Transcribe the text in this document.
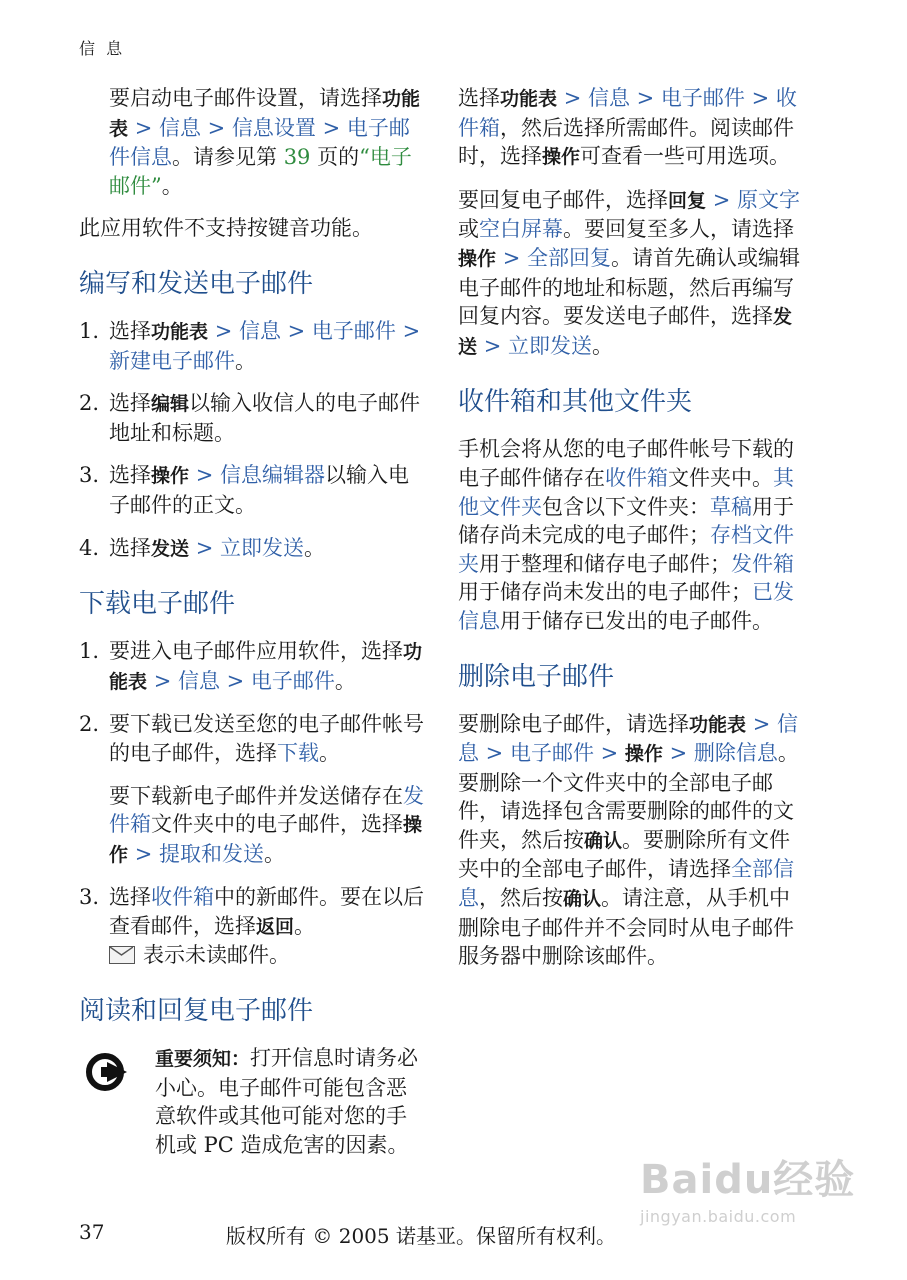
信 息

要启动电子邮件设置，请选择功能表 > 信息 > 信息设置 > 电子邮件信息。请参见第 39 页的“电子邮件”。

此应用软件不支持按键音功能。

编写和发送电子邮件
1. 选择功能表 > 信息 > 电子邮件 > 新建电子邮件。
2. 选择编辑以输入收信人的电子邮件地址和标题。
3. 选择操作 > 信息编辑器以输入电子邮件的正文。
4. 选择发送 > 立即发送。
下载电子邮件
1. 要进入电子邮件应用软件，选择功能表 > 信息 > 电子邮件。
2. 要下载已发送至您的电子邮件帐号的电子邮件，选择下载。

要下载新电子邮件并发送储存在发件箱文件夹中的电子邮件，选择操作 > 提取和发送。

3. 选择收件箱中的新邮件。要在以后查看邮件，选择返回。

表示未读邮件。
阅读和回复电子邮件
重要须知：打开信息时请务必小心。电子邮件可能包含恶意软件或其他可能对您的手机或 PC 造成危害的因素。

选择功能表 > 信息 > 电子邮件 > 收件箱，然后选择所需邮件。阅读邮件时，选择操作可查看一些可用选项。

要回复电子邮件，选择回复 > 原文字或空白屏幕。要回复至多人，请选择操作 > 全部回复。请首先确认或编辑电子邮件的地址和标题，然后再编写回复内容。要发送电子邮件，选择发送 > 立即发送。

收件箱和其他文件夹

手机会将从您的电子邮件帐号下载的电子邮件储存在收件箱文件夹中。其他文件夹包含以下文件夹：草稿用于储存尚未完成的电子邮件；存档文件夹用于整理和储存电子邮件；发件箱用于储存尚未发出的电子邮件；已发信息用于储存已发出的电子邮件。

删除电子邮件

要删除电子邮件，请选择功能表 > 信息 > 电子邮件 > 操作 > 删除信息。要删除一个文件夹中的全部电子邮件，请选择包含需要删除的邮件的文件夹，然后按确认。要删除所有文件夹中的全部电子邮件，请选择全部信息，然后按确认。请注意，从手机中删除电子邮件并不会同时从电子邮件服务器中删除该邮件。

Baidu经验
jingyan.baidu.com
37	版权所有 © 2005 诺基亚。保留所有权利。
